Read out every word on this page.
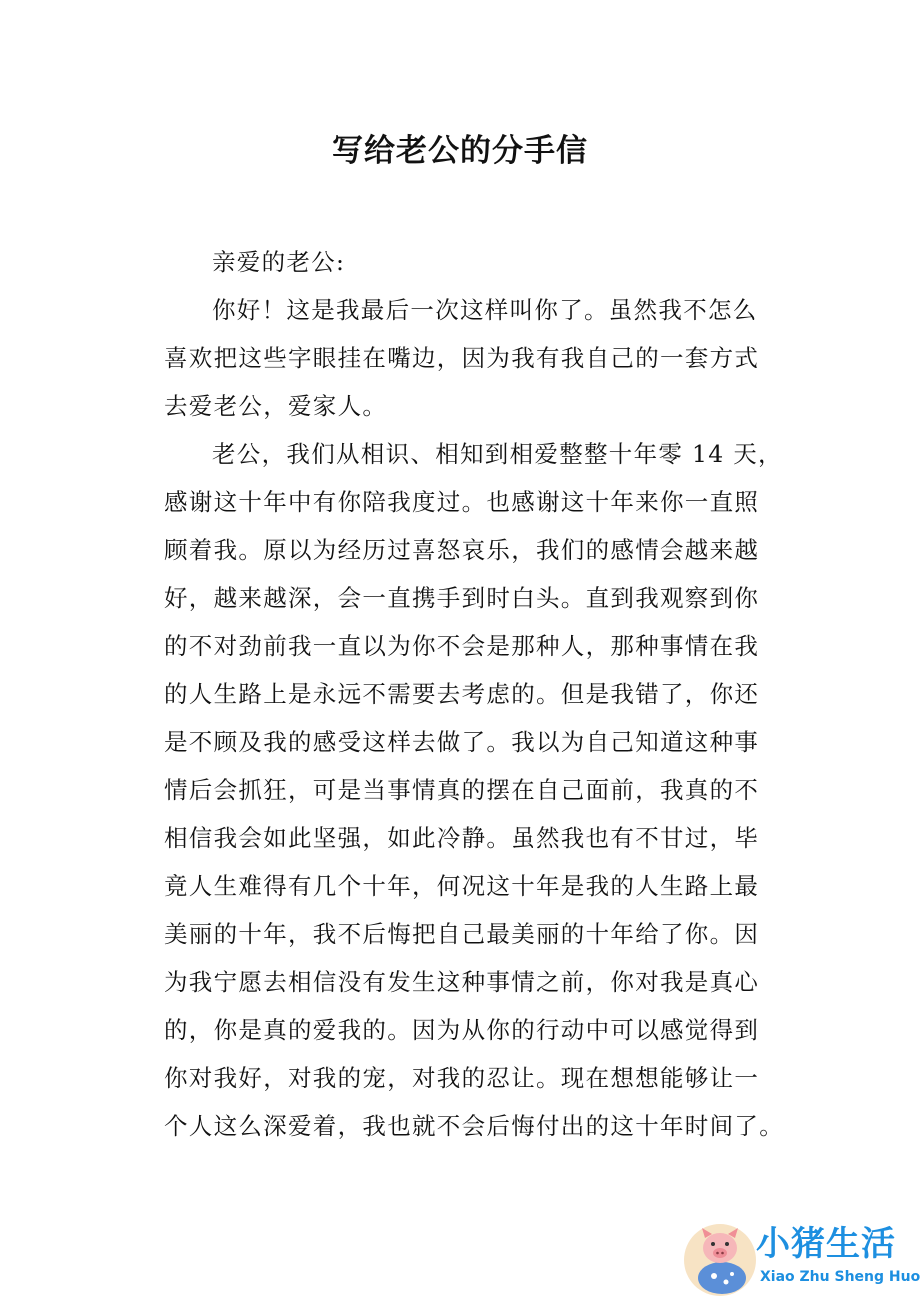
写给老公的分手信
亲爱的老公:
你好！这是我最后一次这样叫你了。虽然我不怎么
喜欢把这些字眼挂在嘴边，因为我有我自己的一套方式
去爱老公，爱家人。
老公，我们从相识、相知到相爱整整十年零 14 天，
感谢这十年中有你陪我度过。也感谢这十年来你一直照
顾着我。原以为经历过喜怒哀乐，我们的感情会越来越
好，越来越深，会一直携手到时白头。直到我观察到你
的不对劲前我一直以为你不会是那种人，那种事情在我
的人生路上是永远不需要去考虑的。但是我错了，你还
是不顾及我的感受这样去做了。我以为自己知道这种事
情后会抓狂，可是当事情真的摆在自己面前，我真的不
相信我会如此坚强，如此冷静。虽然我也有不甘过，毕
竟人生难得有几个十年，何况这十年是我的人生路上最
美丽的十年，我不后悔把自己最美丽的十年给了你。因
为我宁愿去相信没有发生这种事情之前，你对我是真心
的，你是真的爱我的。因为从你的行动中可以感觉得到
你对我好，对我的宠，对我的忍让。现在想想能够让一
个人这么深爱着，我也就不会后悔付出的这十年时间了。
小猪生活
Xiao Zhu Sheng Huo
